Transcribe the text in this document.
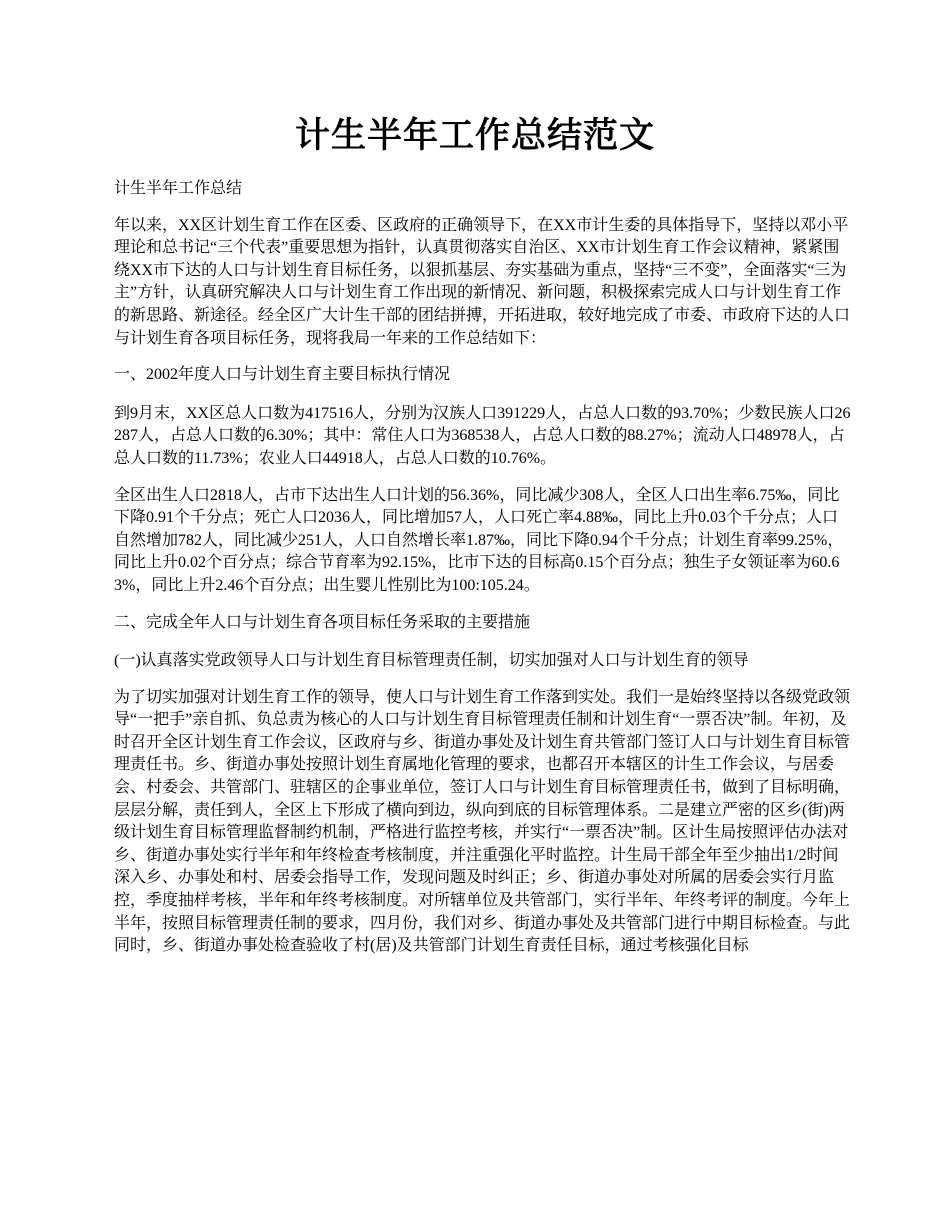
计生半年工作总结范文

计生半年工作总结

年以来，XX区计划生育工作在区委、区政府的正确领导下，在XX市计生委的具体指导下，坚持以邓小平理论和总书记“三个代表”重要思想为指针，认真贯彻落实自治区、XX市计划生育工作会议精神，紧紧围绕XX市下达的人口与计划生育目标任务，以狠抓基层、夯实基础为重点，坚持“三不变”，全面落实“三为主”方针，认真研究解决人口与计划生育工作出现的新情况、新问题，积极探索完成人口与计划生育工作的新思路、新途径。经全区广大计生干部的团结拼搏，开拓进取，较好地完成了市委、市政府下达的人口与计划生育各项目标任务，现将我局一年来的工作总结如下：

一、2002年度人口与计划生育主要目标执行情况

到9月末，XX区总人口数为417516人，分别为汉族人口391229人，占总人口数的93.70%；少数民族人口26287人，占总人口数的6.30%；其中：常住人口为368538人，占总人口数的88.27%；流动人口48978人，占总人口数的11.73%；农业人口44918人，占总人口数的10.76%。

全区出生人口2818人，占市下达出生人口计划的56.36%，同比减少308人，全区人口出生率6.75‰，同比下降0.91个千分点；死亡人口2036人，同比增加57人，人口死亡率4.88‰，同比上升0.03个千分点；人口自然增加782人，同比减少251人，人口自然增长率1.87‰，同比下降0.94个千分点；计划生育率99.25%，同比上升0.02个百分点；综合节育率为92.15%，比市下达的目标高0.15个百分点；独生子女领证率为60.63%，同比上升2.46个百分点；出生婴儿性别比为100:105.24。

二、完成全年人口与计划生育各项目标任务采取的主要措施

(一)认真落实党政领导人口与计划生育目标管理责任制，切实加强对人口与计划生育的领导

为了切实加强对计划生育工作的领导，使人口与计划生育工作落到实处。我们一是始终坚持以各级党政领导“一把手”亲自抓、负总责为核心的人口与计划生育目标管理责任制和计划生育“一票否决”制。年初，及时召开全区计划生育工作会议，区政府与乡、街道办事处及计划生育共管部门签订人口与计划生育目标管理责任书。乡、街道办事处按照计划生育属地化管理的要求，也都召开本辖区的计生工作会议，与居委会、村委会、共管部门、驻辖区的企事业单位，签订人口与计划生育目标管理责任书，做到了目标明确，层层分解，责任到人，全区上下形成了横向到边，纵向到底的目标管理体系。二是建立严密的区乡(街)两级计划生育目标管理监督制约机制，严格进行监控考核，并实行“一票否决”制。区计生局按照评估办法对乡、街道办事处实行半年和年终检查考核制度，并注重强化平时监控。计生局干部全年至少抽出1/2时间深入乡、办事处和村、居委会指导工作，发现问题及时纠正；乡、街道办事处对所属的居委会实行月监控，季度抽样考核，半年和年终考核制度。对所辖单位及共管部门，实行半年、年终考评的制度。今年上半年，按照目标管理责任制的要求，四月份，我们对乡、街道办事处及共管部门进行中期目标检查。与此同时，乡、街道办事处检查验收了村(居)及共管部门计划生育责任目标，通过考核强化目标
